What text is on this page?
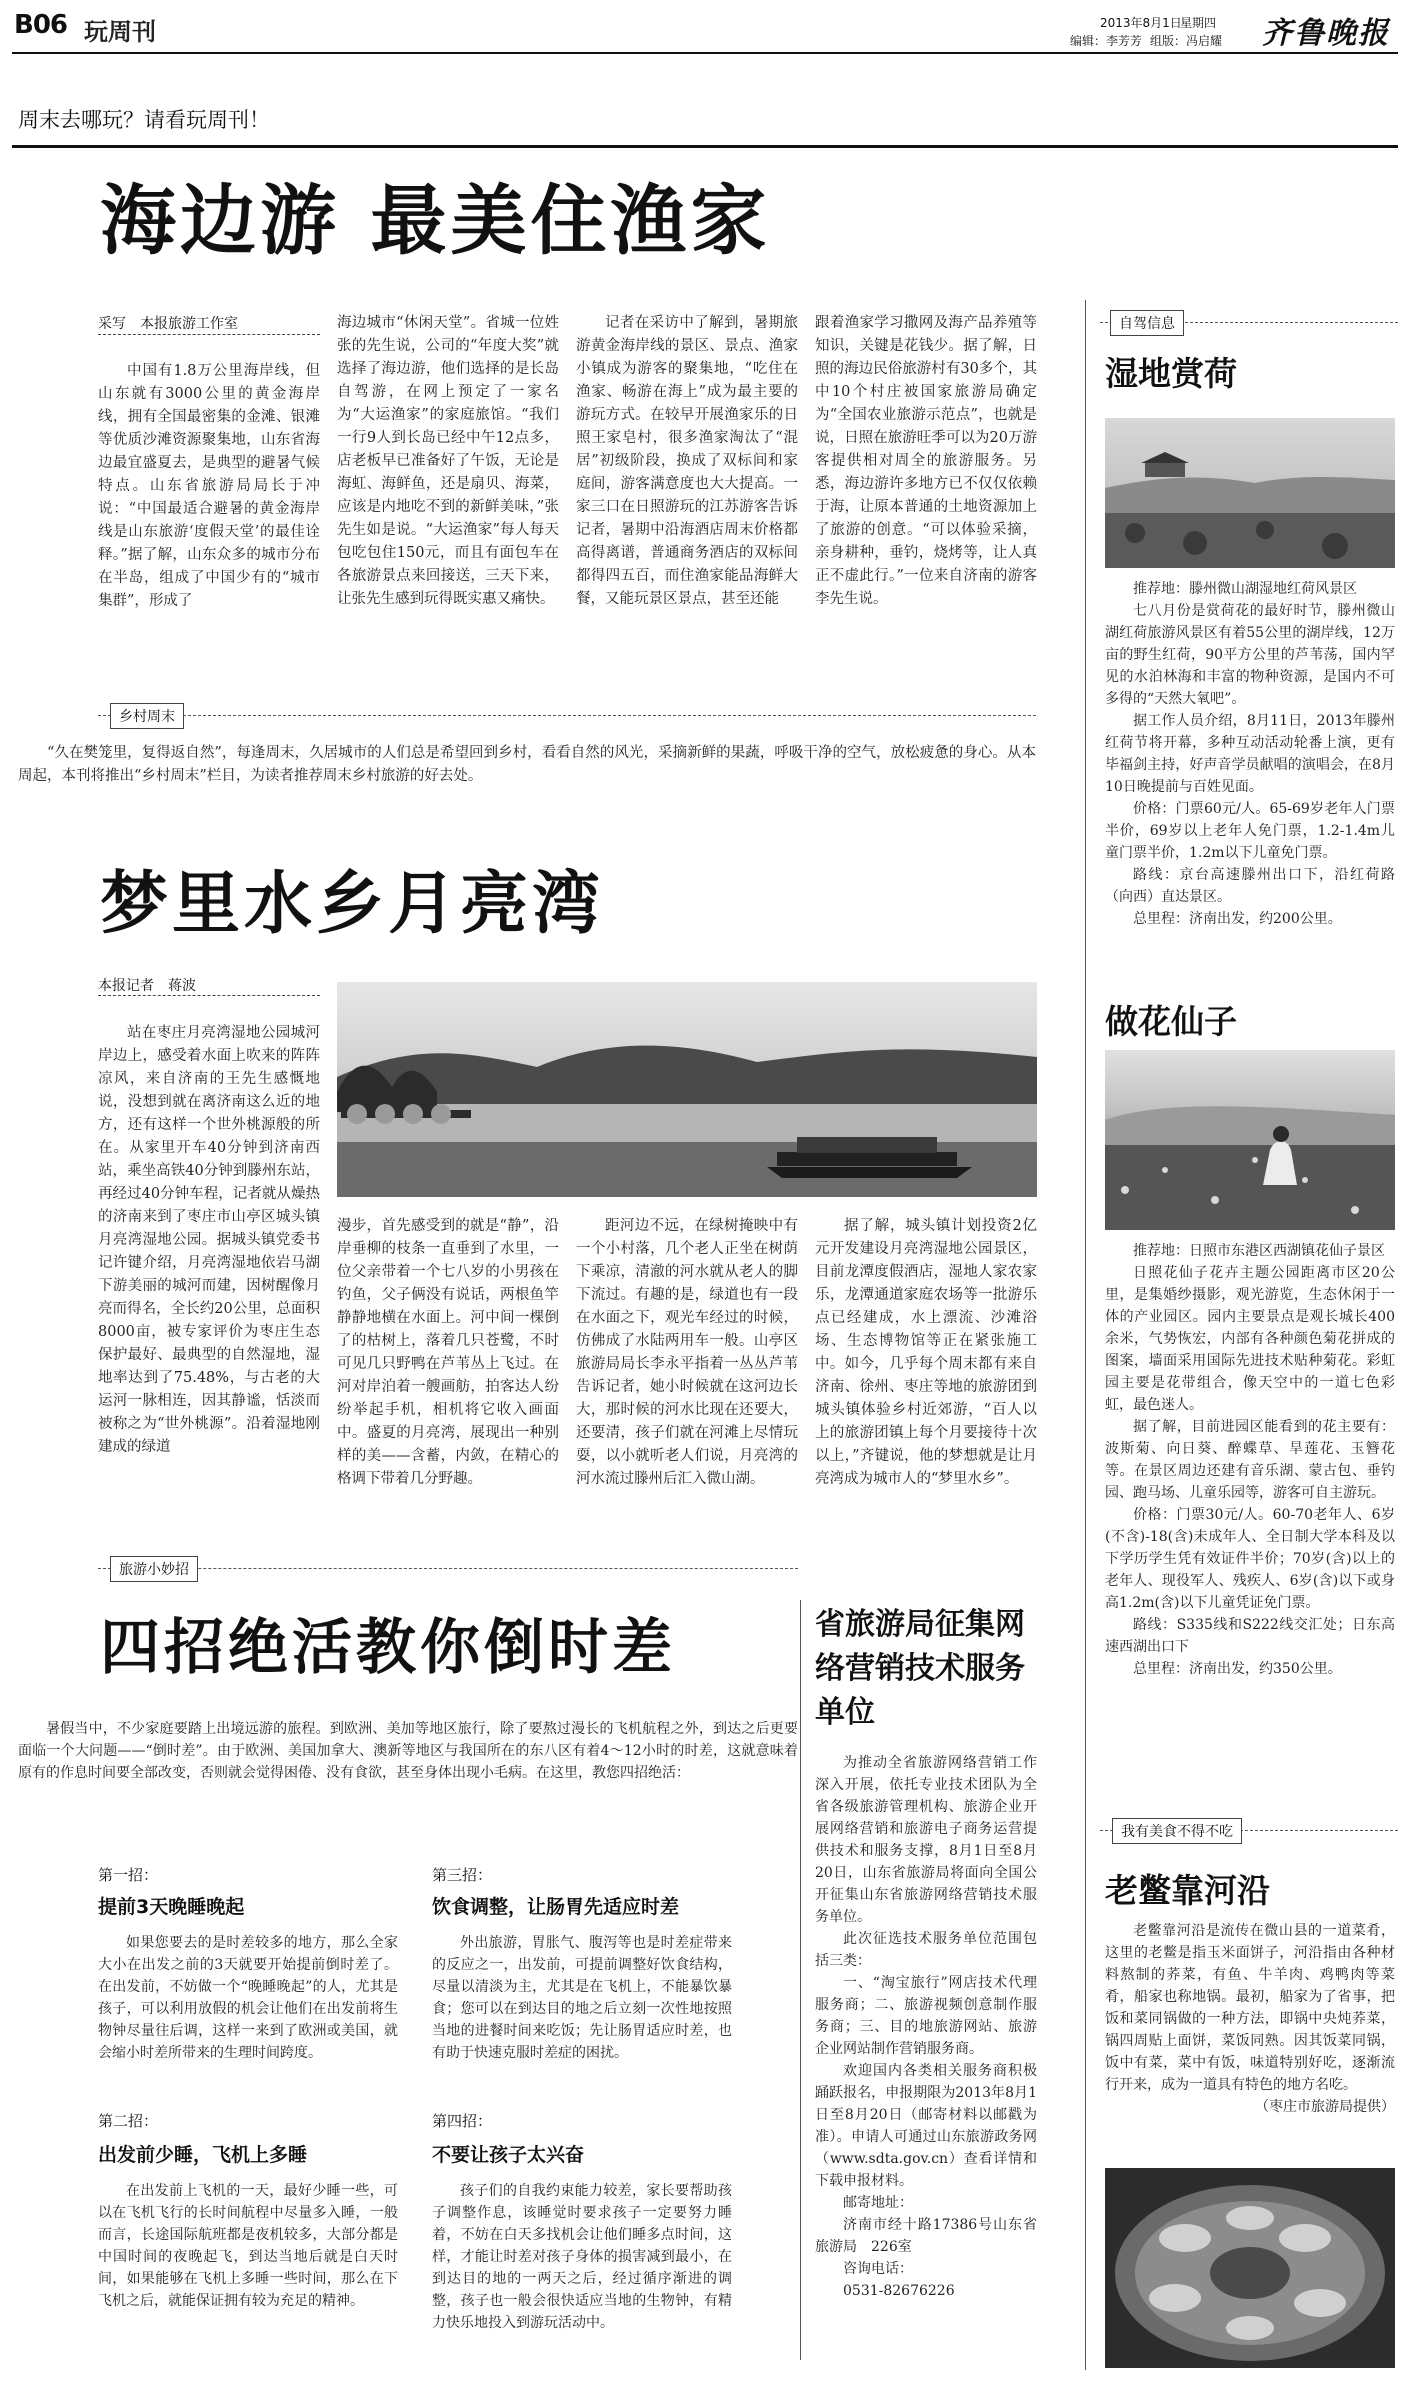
B06 玩周刊	2013年8月1日
星期四
编辑：李芳芳 组版：冯启耀 齐鲁晚报
周末去哪玩？请看玩周刊！
海边游 最美住渔家
采写　本报旅游工作室

中国有1.8万公里海岸线，但山东就有3000公里的黄金海岸线，拥有全国最密集的金滩、银滩等优质沙滩资源聚集地，山东省海边最宜盛夏去，是典型的避暑气候特点。山东省旅游局局长于冲说：“中国最适合避暑的黄金海岸线是山东旅游‘度假天堂’的最佳诠释。”据了解，山东众多的城市分布在半岛，组成了中国少有的“城市集群”，形成了

海边城市“休闲天堂”。省城一位姓张的先生说，公司的“年度大奖”就选择了海边游，他们选择的是长岛自驾游，在网上预定了一家名为“大运渔家”的家庭旅馆。“我们一行9人到长岛已经中午12点多，店老板早已准备好了午饭，无论是海虹、海鲜鱼，还是扇贝、海菜，应该是内地吃不到的新鲜美味，”张先生如是说。“大运渔家”每人每天包吃包住150元，而且有面包车在各旅游景点来回接送，三天下来，让张先生感到玩得既实惠又痛快。

记者在采访中了解到，暑期旅游黄金海岸线的景区、景点、渔家小镇成为游客的聚集地，“吃住在渔家、畅游在海上”成为最主要的游玩方式。在较早开展渔家乐的日照王家皂村，很多渔家淘汰了“混居”初级阶段，换成了双标间和家庭间，游客满意度也大大提高。一家三口在日照游玩的江苏游客告诉记者，暑期中沿海酒店周末价格都高得离谱，普通商务酒店的双标间都得四五百，而住渔家能品海鲜大餐，又能玩景区景点，甚至还能

跟着渔家学习撒网及海产品养殖等知识，关键是花钱少。据了解，日照的海边民俗旅游村有30多个，其中10个村庄被国家旅游局确定为“全国农业旅游示范点”，也就是说，日照在旅游旺季可以为20万游客提供相对周全的旅游服务。另悉，海边游许多地方已不仅仅依赖于海，让原本普通的土地资源加上了旅游的创意。“可以体验采摘，亲身耕种，垂钓，烧烤等，让人真正不虚此行。”一位来自济南的游客李先生说。

乡村周末

“久在樊笼里，复得返自然”，每逢周末，久居城市的人们总是希望回到乡村，看看自然的风光，采摘新鲜的果蔬，呼吸干净的空气，放松疲惫的身心。从本周起，本刊将推出“乡村周末”栏目，为读者推荐周末乡村旅游的好去处。

梦里水乡月亮湾
本报记者　蒋波

站在枣庄月亮湾湿地公园城河岸边上，感受着水面上吹来的阵阵凉风，来自济南的王先生感慨地说，没想到就在离济南这么近的地方，还有这样一个世外桃源般的所在。从家里开车40分钟到济南西站，乘坐高铁40分钟到滕州东站，再经过40分钟车程，记者就从燥热的济南来到了枣庄市山亭区城头镇月亮湾湿地公园。据城头镇党委书记许键介绍，月亮湾湿地依岩马湖下游美丽的城河而建，因树醒像月亮而得名，全长约20公里，总面积8000亩，被专家评价为枣庄生态保护最好、最典型的自然湿地，湿地率达到了75.48%，与古老的大运河一脉相连，因其静谧，恬淡而被称之为“世外桃源”。沿着湿地刚建成的绿道

漫步，首先感受到的就是“静”，沿岸垂柳的枝条一直垂到了水里，一位父亲带着一个七八岁的小男孩在钓鱼，父子俩没有说话，两根鱼竿静静地横在水面上。河中间一棵倒了的枯树上，落着几只苍鹭，不时可见几只野鸭在芦苇丛上飞过。在河对岸泊着一艘画舫，拍客达人纷纷举起手机，相机将它收入画面中。盛夏的月亮湾，展现出一种别样的美——含蓄，内敛，在精心的格调下带着几分野趣。

距河边不远，在绿树掩映中有一个小村落，几个老人正坐在树荫下乘凉，清澈的河水就从老人的脚下流过。有趣的是，绿道也有一段在水面之下，观光车经过的时候，仿佛成了水陆两用车一般。山亭区旅游局局长李永平指着一丛丛芦苇告诉记者，她小时候就在这河边长大，那时候的河水比现在还要大，还要清，孩子们就在河滩上尽情玩耍，以小就听老人们说，月亮湾的河水流过滕州后汇入微山湖。

据了解，城头镇计划投资2亿元开发建设月亮湾湿地公园景区，目前龙潭度假酒店，湿地人家农家乐，龙潭通道家庭农场等一批游乐点已经建成，水上漂流、沙滩浴场、生态博物馆等正在紧张施工中。如今，几乎每个周末都有来自济南、徐州、枣庄等地的旅游团到城头镇体验乡村近郊游，“百人以上的旅游团镇上每个月要接待十次以上，”齐键说，他的梦想就是让月亮湾成为城市人的“梦里水乡”。

旅游小妙招
四招绝活教你倒时差

暑假当中，不少家庭要踏上出境远游的旅程。到欧洲、美加等地区旅行，除了要熬过漫长的飞机航程之外，到达之后更要面临一个大问题——“倒时差”。由于欧洲、美国加拿大、澳新等地区与我国所在的东八区有着4～12小时的时差，这就意味着原有的作息时间要全部改变，否则就会觉得困倦、没有食欲，甚至身体出现小毛病。在这里，教您四招绝活：

第一招：
提前3天晚睡晚起

如果您要去的是时差较多的地方，那么全家大小在出发之前的3天就要开始提前倒时差了。在出发前，不妨做一个“晚睡晚起”的人，尤其是孩子，可以利用放假的机会让他们在出发前将生物钟尽量往后调，这样一来到了欧洲或美国，就会缩小时差所带来的生理时间跨度。

第三招：
饮食调整，让肠胃先适应时差

外出旅游，胃胀气、腹泻等也是时差症带来的反应之一，出发前，可提前调整好饮食结构，尽量以清淡为主，尤其是在飞机上，不能暴饮暴食；您可以在到达目的地之后立刻一次性地按照当地的进餐时间来吃饭；先让肠胃适应时差，也有助于快速克服时差症的困扰。

第二招：
出发前少睡，飞机上多睡

在出发前上飞机的一天，最好少睡一些，可以在飞机飞行的长时间航程中尽量多入睡，一般而言，长途国际航班都是夜机较多，大部分都是中国时间的夜晚起飞，到达当地后就是白天时间，如果能够在飞机上多睡一些时间，那么在下飞机之后，就能保证拥有较为充足的精神。

第四招：
不要让孩子太兴奋

孩子们的自我约束能力较差，家长要帮助孩子调整作息，该睡觉时要求孩子一定要努力睡着，不妨在白天多找机会让他们睡多点时间，这样，才能让时差对孩子身体的损害减到最小，在到达目的地的一两天之后，经过循序渐进的调整，孩子也一般会很快适应当地的生物钟，有精力快乐地投入到游玩活动中。

省旅游局征集网络营销技术服务单位

为推动全省旅游网络营销工作深入开展，依托专业技术团队为全省各级旅游管理机构、旅游企业开展网络营销和旅游电子商务运营提供技术和服务支撑，8月1日至8月20日，山东省旅游局将面向全国公开征集山东省旅游网络营销技术服务单位。

此次征选技术服务单位范围包括三类：

一、“淘宝旅行”网店技术代理服务商；二、旅游视频创意制作服务商；三、目的地旅游网站、旅游企业网站制作营销服务商。

欢迎国内各类相关服务商积极踊跃报名，申报期限为2013年8月1日至8月20日（邮寄材料以邮戳为准）。申请人可通过山东旅游政务网（www.sdta.gov.cn）查看详情和下载申报材料。

邮寄地址：

济南市经十路17386号山东省旅游局　226室

咨询电话：

0531-82676226

自驾信息
湿地赏荷

推荐地：滕州微山湖湿地红荷风景区

七八月份是赏荷花的最好时节，滕州微山湖红荷旅游风景区有着55公里的湖岸线，12万亩的野生红荷，90平方公里的芦苇荡，国内罕见的水泊林海和丰富的物种资源，是国内不可多得的“天然大氧吧”。

据工作人员介绍，8月11日，2013年滕州红荷节将开幕，多种互动活动轮番上演，更有毕福剑主持，好声音学员献唱的演唱会，在8月10日晚提前与百姓见面。

价格：门票60元/人。65-69岁老年人门票半价，69岁以上老年人免门票，1.2-1.4m儿童门票半价，1.2m以下儿童免门票。

路线：京台高速滕州出口下，沿红荷路（向西）直达景区。

总里程：济南出发，约200公里。

做花仙子

推荐地：日照市东港区西湖镇花仙子景区

日照花仙子花卉主题公园距离市区20公里，是集婚纱摄影，观光游览，生态休闲于一体的产业园区。园内主要景点是观长城长400余米，气势恢宏，内部有各种颜色菊花拼成的图案，墙面采用国际先进技术贴种菊花。彩虹园主要是花带组合，像天空中的一道七色彩虹，最色迷人。

据了解，目前进园区能看到的花主要有：波斯菊、向日葵、醉蝶草、旱莲花、玉簪花等。在景区周边还建有音乐湖、蒙古包、垂钓园、跑马场、儿童乐园等，游客可自主游玩。

价格：门票30元/人。60-70老年人、6岁(不含)-18(含)未成年人、全日制大学本科及以下学历学生凭有效证件半价；70岁(含)以上的老年人、现役军人、残疾人、6岁(含)以下或身高1.2m(含)以下儿童凭证免门票。

路线：S335线和S222线交汇处；日东高速西湖出口下

总里程：济南出发，约350公里。

我有美食不得不吃
老鳖靠河沿

老鳖靠河沿是流传在微山县的一道菜肴，这里的老鳖是指玉米面饼子，河沿指由各种材料熬制的荞菜，有鱼、牛羊肉、鸡鸭肉等菜肴，船家也称地锅。最初，船家为了省事，把饭和菜同锅做的一种方法，即锅中央炖荞菜，锅四周贴上面饼，菜饭同熟。因其饭菜同锅，饭中有菜，菜中有饭，味道特别好吃，逐渐流行开来，成为一道具有特色的地方名吃。

（枣庄市旅游局提供）
